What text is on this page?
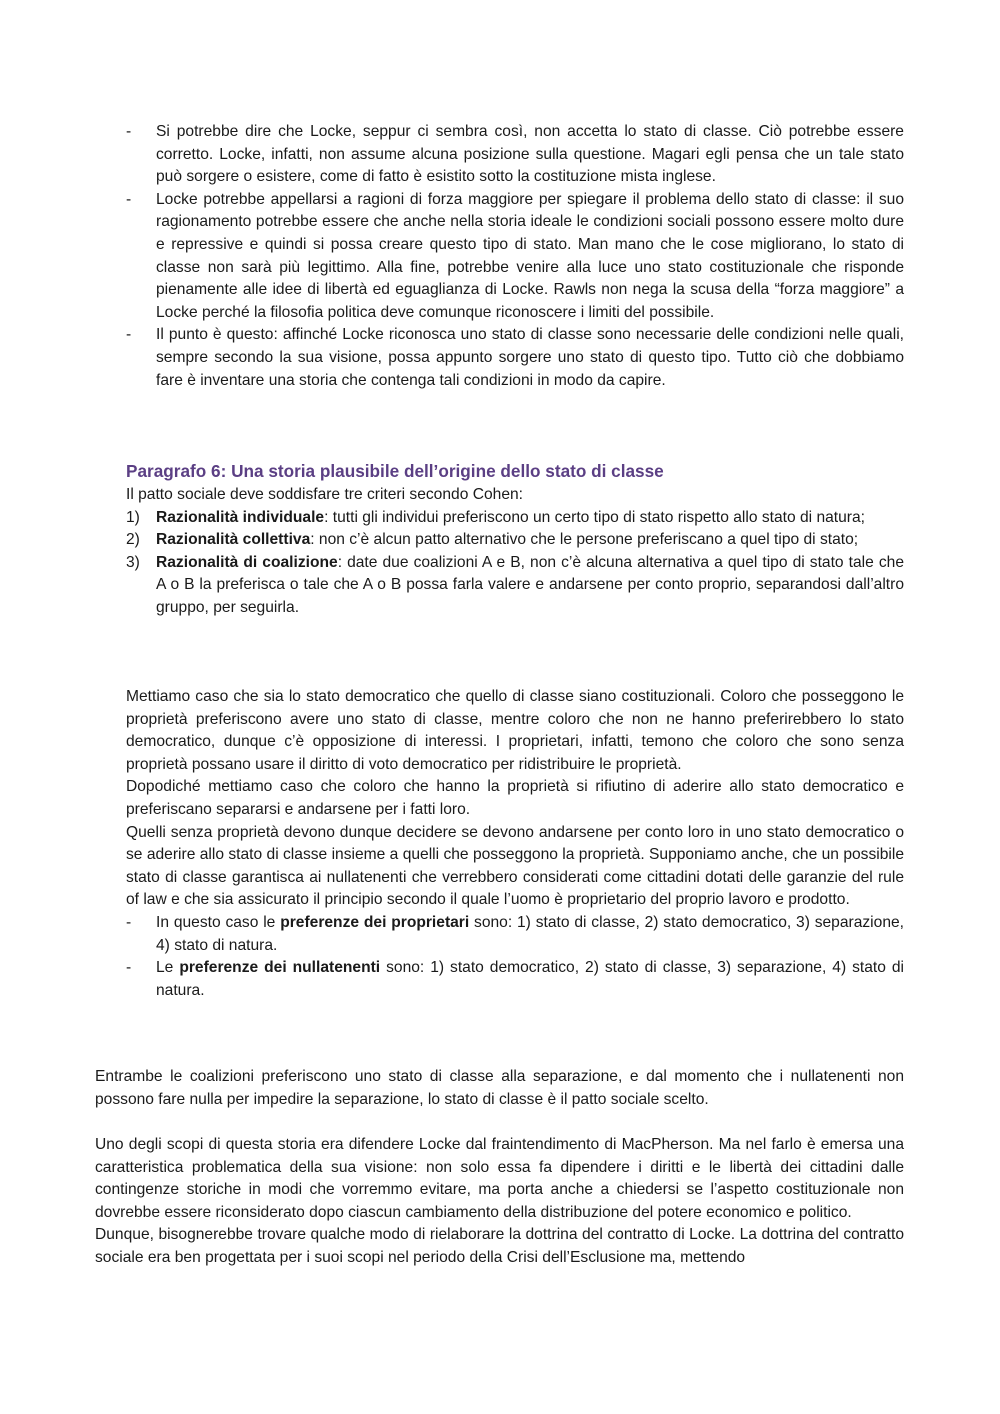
-	Si potrebbe dire che Locke, seppur ci sembra così, non accetta lo stato di classe. Ciò potrebbe essere corretto. Locke, infatti, non assume alcuna posizione sulla questione. Magari egli pensa che un tale stato può sorgere o esistere, come di fatto è esistito sotto la costituzione mista inglese.
-	Locke potrebbe appellarsi a ragioni di forza maggiore per spiegare il problema dello stato di classe: il suo ragionamento potrebbe essere che anche nella storia ideale le condizioni sociali possono essere molto dure e repressive e quindi si possa creare questo tipo di stato. Man mano che le cose migliorano, lo stato di classe non sarà più legittimo. Alla fine, potrebbe venire alla luce uno stato costituzionale che risponde pienamente alle idee di libertà ed eguaglianza di Locke. Rawls non nega la scusa della “forza maggiore” a Locke perché la filosofia politica deve comunque riconoscere i limiti del possibile.
-	Il punto è questo: affinché Locke riconosca uno stato di classe sono necessarie delle condizioni nelle quali, sempre secondo la sua visione, possa appunto sorgere uno stato di questo tipo. Tutto ciò che dobbiamo fare è inventare una storia che contenga tali condizioni in modo da capire.
Paragrafo 6: Una storia plausibile dell’origine dello stato di classe
Il patto sociale deve soddisfare tre criteri secondo Cohen:
1)	Razionalità individuale: tutti gli individui preferiscono un certo tipo di stato rispetto allo stato di natura;
2)	Razionalità collettiva: non c’è alcun patto alternativo che le persone preferiscano a quel tipo di stato;
3)	Razionalità di coalizione: date due coalizioni A e B, non c’è alcuna alternativa a quel tipo di stato tale che A o B la preferisca o tale che A o B possa farla valere e andarsene per conto proprio, separandosi dall’altro gruppo, per seguirla.
Mettiamo caso che sia lo stato democratico che quello di classe siano costituzionali. Coloro che posseggono le proprietà preferiscono avere uno stato di classe, mentre coloro che non ne hanno preferirebbero lo stato democratico, dunque c’è opposizione di interessi. I proprietari, infatti, temono che coloro che sono senza proprietà possano usare il diritto di voto democratico per ridistribuire le proprietà.
Dopodiché mettiamo caso che coloro che hanno la proprietà si rifiutino di aderire allo stato democratico e preferiscano separarsi e andarsene per i fatti loro.
Quelli senza proprietà devono dunque decidere se devono andarsene per conto loro in uno stato democratico o se aderire allo stato di classe insieme a quelli che posseggono la proprietà. Supponiamo anche, che un possibile stato di classe garantisca ai nullatenenti che verrebbero considerati come cittadini dotati delle garanzie del rule of law e che sia assicurato il principio secondo il quale l’uomo è proprietario del proprio lavoro e prodotto.
-	In questo caso le preferenze dei proprietari sono: 1) stato di classe, 2) stato democratico, 3) separazione, 4) stato di natura.
-	Le preferenze dei nullatenenti sono: 1) stato democratico, 2) stato di classe, 3) separazione, 4) stato di natura.
Entrambe le coalizioni preferiscono uno stato di classe alla separazione, e dal momento che i nullatenenti non possono fare nulla per impedire la separazione, lo stato di classe è il patto sociale scelto.
Uno degli scopi di questa storia era difendere Locke dal fraintendimento di MacPherson. Ma nel farlo è emersa una caratteristica problematica della sua visione: non solo essa fa dipendere i diritti e le libertà dei cittadini dalle contingenze storiche in modi che vorremmo evitare, ma porta anche a chiedersi se l’aspetto costituzionale non dovrebbe essere riconsiderato dopo ciascun cambiamento della distribuzione del potere economico e politico.
Dunque, bisognerebbe trovare qualche modo di rielaborare la dottrina del contratto di Locke. La dottrina del contratto sociale era ben progettata per i suoi scopi nel periodo della Crisi dell’Esclusione ma, mettendo
